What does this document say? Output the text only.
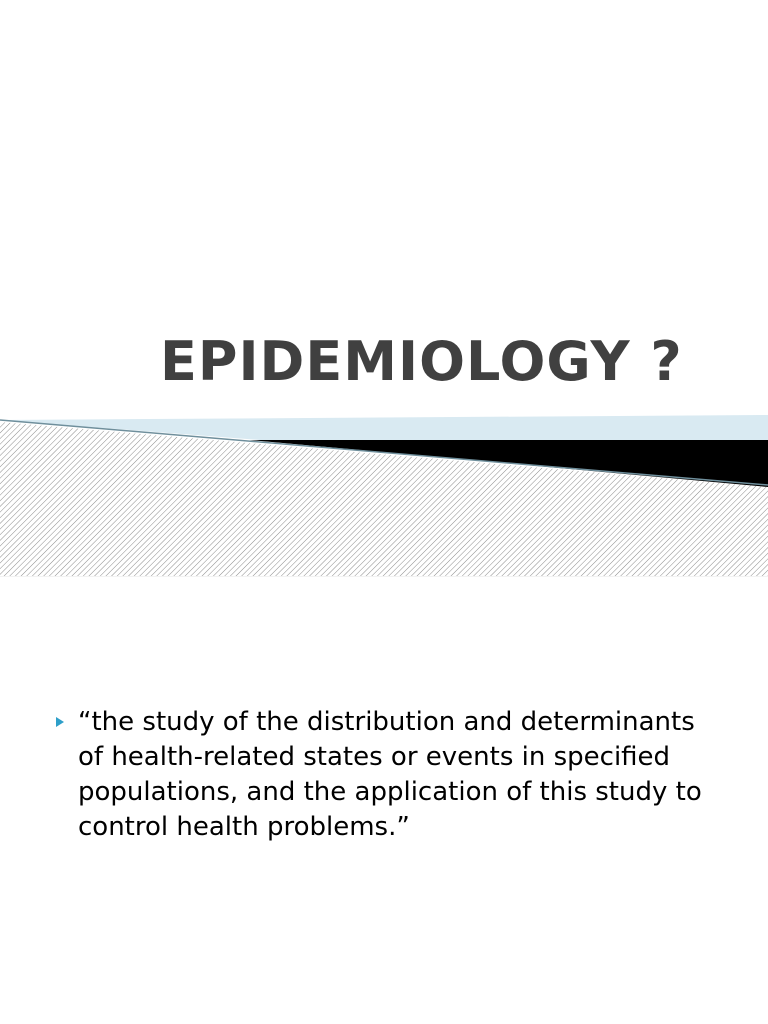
EPIDEMIOLOGY ?
“the study of the distribution and determinants of health-related states or events in specified populations, and the application of this study to control health problems.”
